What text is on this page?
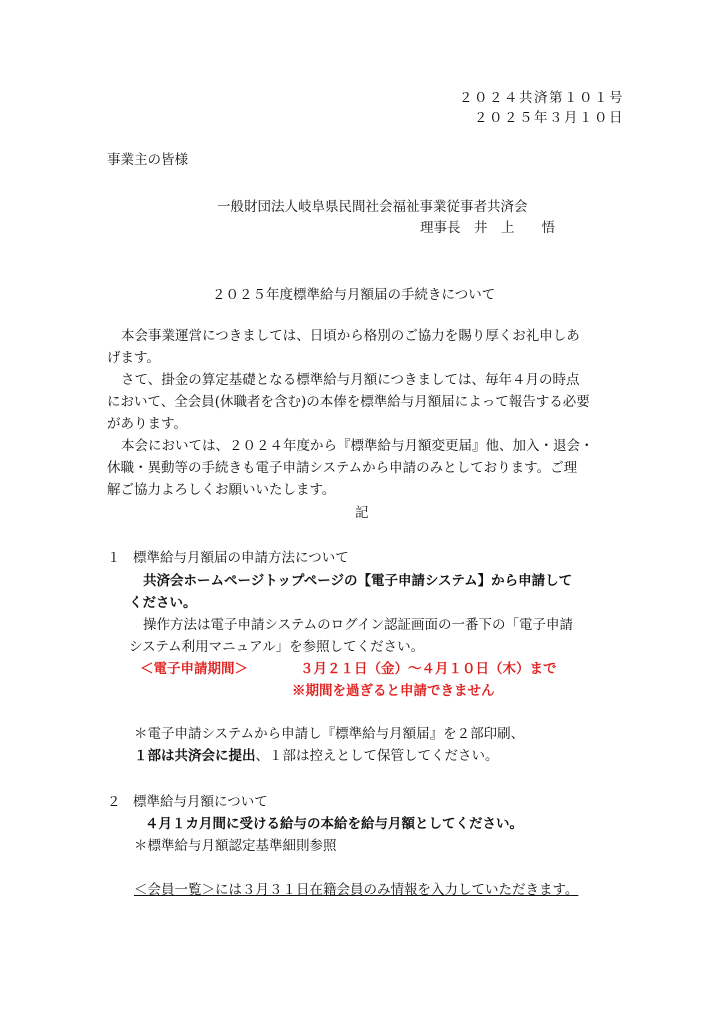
２０２４共済第１０１号
２０２５年３月１０日
事業主の皆様
一般財団法人岐阜県民間社会福祉事業従事者共済会
理事長　井　上　　悟
２０２５年度標準給与月額届の手続きについて
本会事業運営につきましては、日頃から格別のご協力を賜り厚くお礼申しあ
げます。
さて、掛金の算定基礎となる標準給与月額につきましては、毎年４月の時点
において、全会員(休職者を含む)の本俸を標準給与月額届によって報告する必要
があります。
本会においては、２０２４年度から『標準給与月額変更届』他、加入・退会・
休職・異動等の手続きも電子申請システムから申請のみとしております。ご理
解ご協力よろしくお願いいたします。
記
１ 標準給与月額届の申請方法について
共済会ホームページトップページの【電子申請システム】から申請して
ください。
操作方法は電子申請システムのログイン認証画面の一番下の「電子申請
システム利用マニュアル」を参照してください。
＜電子申請期間＞	３月２１日（金）～４月１０日（木）まで
※期間を過ぎると申請できません
＊電子申請システムから申請し『標準給与月額届』を２部印刷、
１部は共済会に提出、１部は控えとして保管してください。
２ 標準給与月額について
４月１カ月間に受ける給与の本給を給与月額としてください。
＊標準給与月額認定基準細則参照
＜会員一覧＞には３月３１日在籍会員のみ情報を入力していただきます。
